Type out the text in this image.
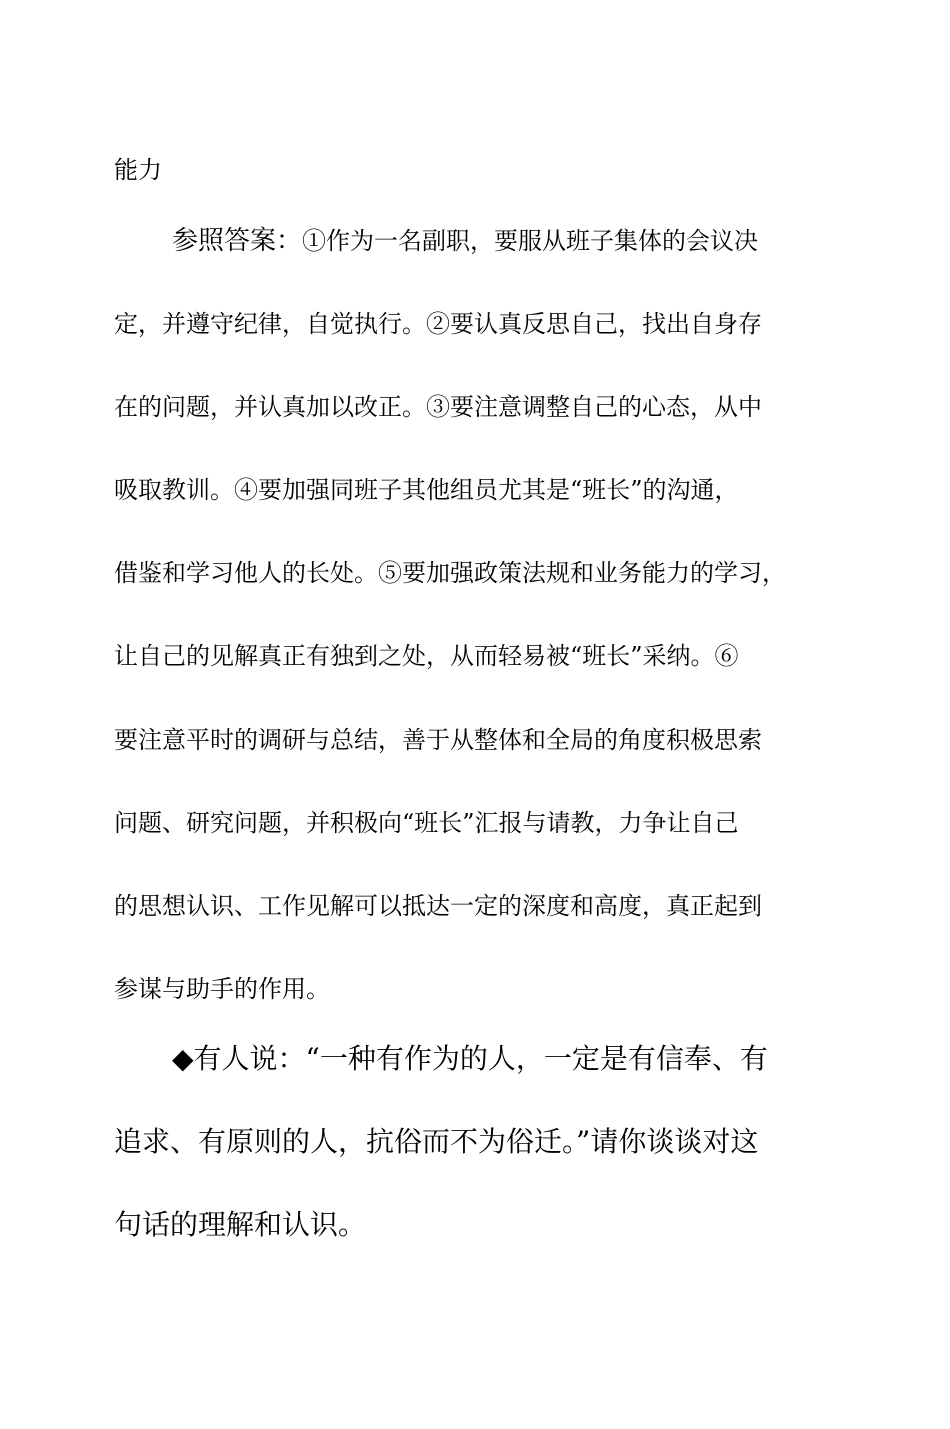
能力
参照答案：①作为一名副职，要服从班子集体的会议决
定，并遵守纪律，自觉执行。②要认真反思自己，找出自身存
在的问题，并认真加以改正。③要注意调整自己的心态，从中
吸取教训。④要加强同班子其他组员尤其是“班长”的沟通，
借鉴和学习他人的长处。⑤要加强政策法规和业务能力的学习，
让自己的见解真正有独到之处，从而轻易被“班长”采纳。⑥
要注意平时的调研与总结，善于从整体和全局的角度积极思索
问题、研究问题，并积极向“班长”汇报与请教，力争让自己
的思想认识、工作见解可以抵达一定的深度和高度，真正起到
参谋与助手的作用。
◆有人说：“一种有作为的人，一定是有信奉、有
追求、有原则的人，抗俗而不为俗迁。”请你谈谈对这
句话的理解和认识。
